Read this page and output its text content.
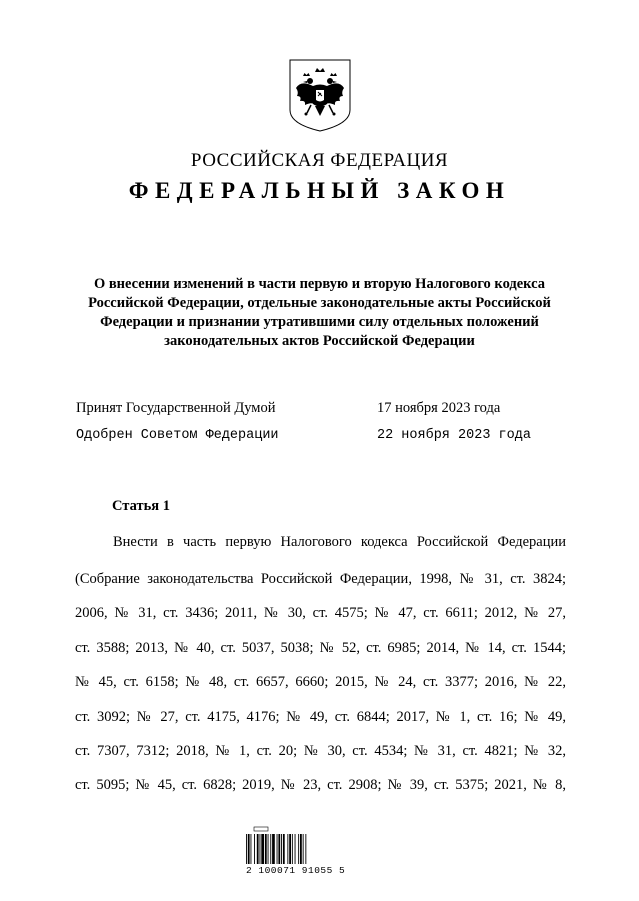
РОССИЙСКАЯ ФЕДЕРАЦИЯ
ФЕДЕРАЛЬНЫЙ ЗАКОН
О внесении изменений в части первую и вторую Налогового кодекса Российской Федерации, отдельные законодательные акты Российской Федерации и признании утратившими силу отдельных положений законодательных актов Российской Федерации
Принят Государственной Думой	17 ноября 2023 года
Одобрен Советом Федерации	22 ноября 2023 года
Статья 1
Внести в часть первую Налогового кодекса Российской Федерации
(Собрание законодательства Российской Федерации, 1998, № 31, ст. 3824;
2006, № 31, ст. 3436; 2011, № 30, ст. 4575; № 47, ст. 6611; 2012, № 27,
ст. 3588; 2013, № 40, ст. 5037, 5038; № 52, ст. 6985; 2014, № 14, ст. 1544;
№ 45, ст. 6158; № 48, ст. 6657, 6660; 2015, № 24, ст. 3377; 2016, № 22,
ст. 3092; № 27, ст. 4175, 4176; № 49, ст. 6844; 2017, № 1, ст. 16; № 49,
ст. 7307, 7312; 2018, № 1, ст. 20; № 30, ст. 4534; № 31, ст. 4821; № 32,
ст. 5095; № 45, ст. 6828; 2019, № 23, ст. 2908; № 39, ст. 5375; 2021, № 8,
2 100071 91055 5
